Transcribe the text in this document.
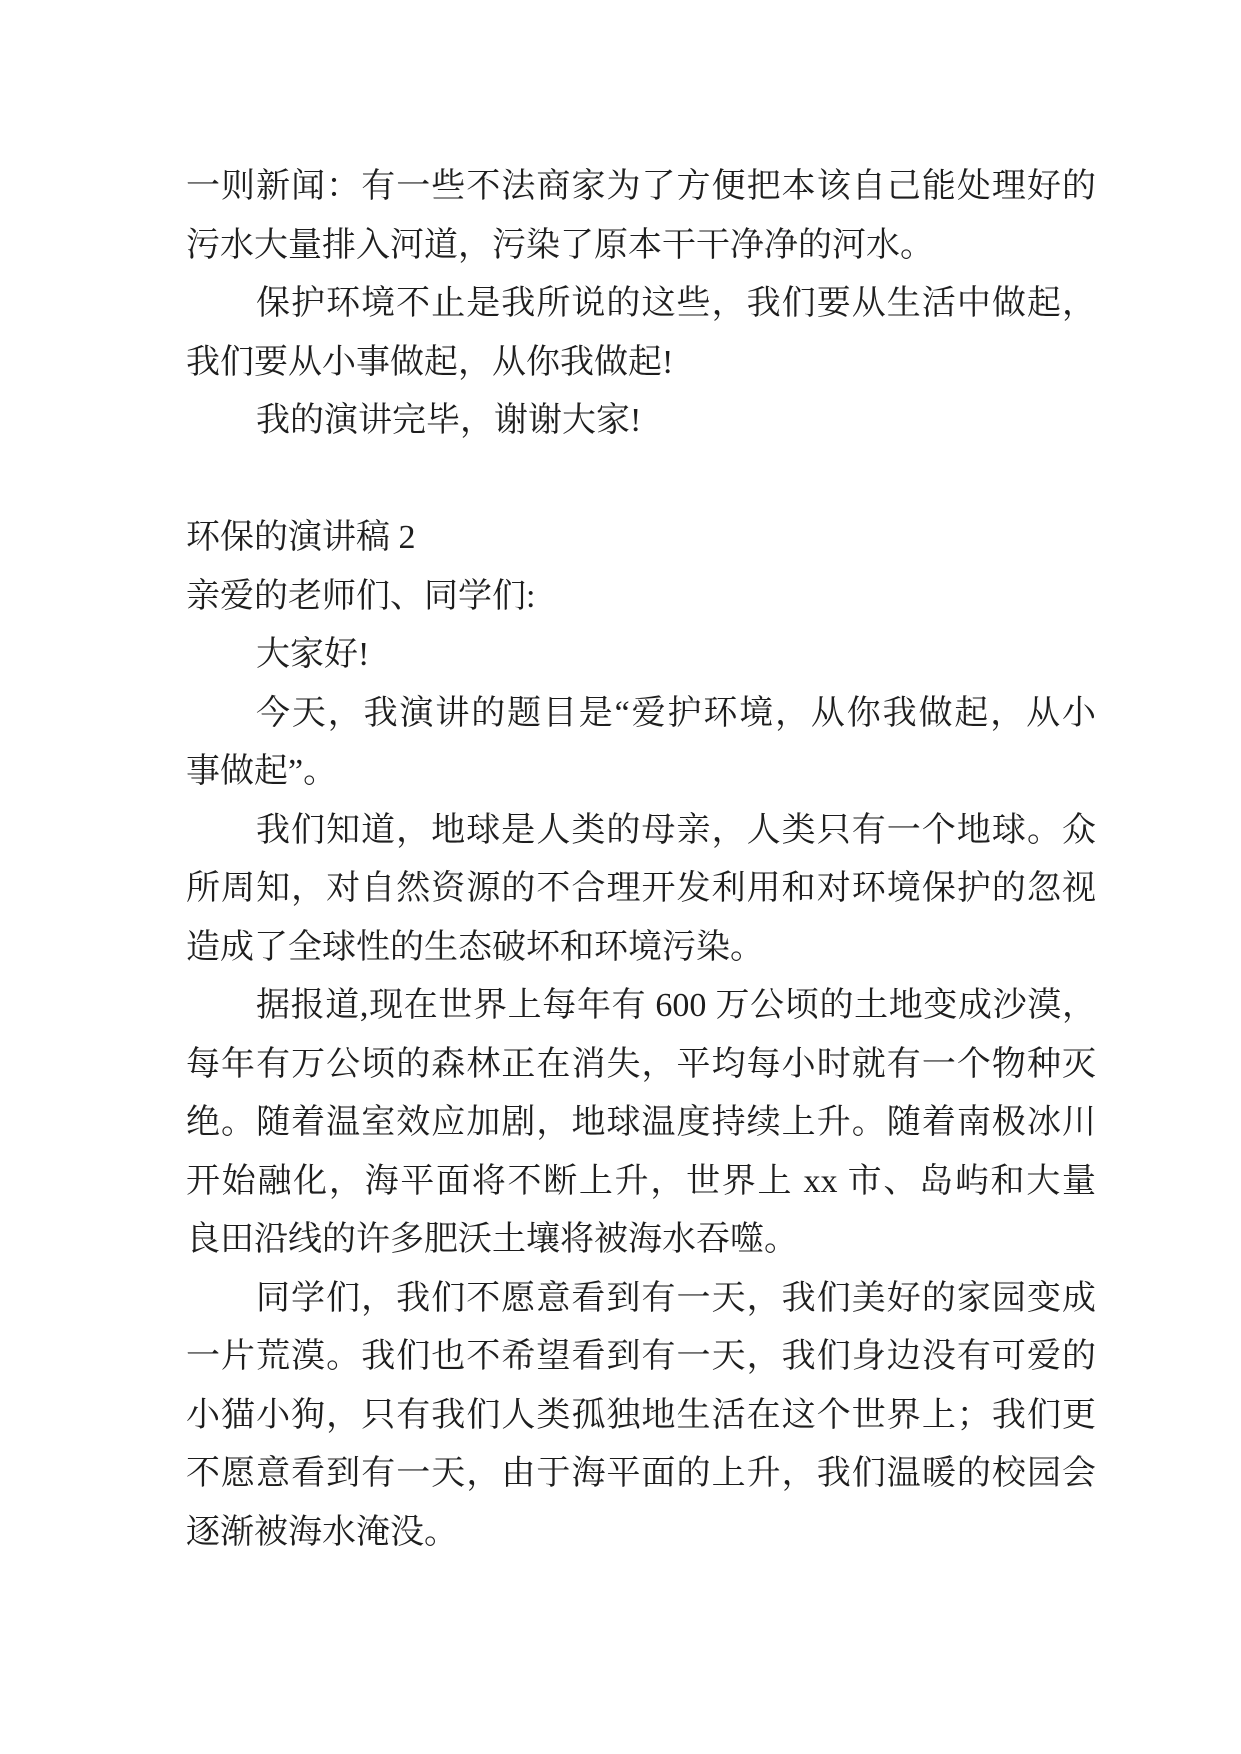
一则新闻：有一些不法商家为了方便把本该自己能处理好的
污水大量排入河道，污染了原本干干净净的河水。
保护环境不止是我所说的这些，我们要从生活中做起，
我们要从小事做起，从你我做起!
我的演讲完毕，谢谢大家!
环保的演讲稿 2
亲爱的老师们、同学们:
大家好!
今天，我演讲的题目是“爱护环境，从你我做起，从小
事做起”。
我们知道，地球是人类的母亲，人类只有一个地球。众
所周知，对自然资源的不合理开发利用和对环境保护的忽视
造成了全球性的生态破坏和环境污染。
据报道,现在世界上每年有 600 万公顷的土地变成沙漠，
每年有万公顷的森林正在消失，平均每小时就有一个物种灭
绝。随着温室效应加剧，地球温度持续上升。随着南极冰川
开始融化，海平面将不断上升，世界上 xx 市、岛屿和大量
良田沿线的许多肥沃土壤将被海水吞噬。
同学们，我们不愿意看到有一天，我们美好的家园变成
一片荒漠。我们也不希望看到有一天，我们身边没有可爱的
小猫小狗，只有我们人类孤独地生活在这个世界上；我们更
不愿意看到有一天，由于海平面的上升，我们温暖的校园会
逐渐被海水淹没。
